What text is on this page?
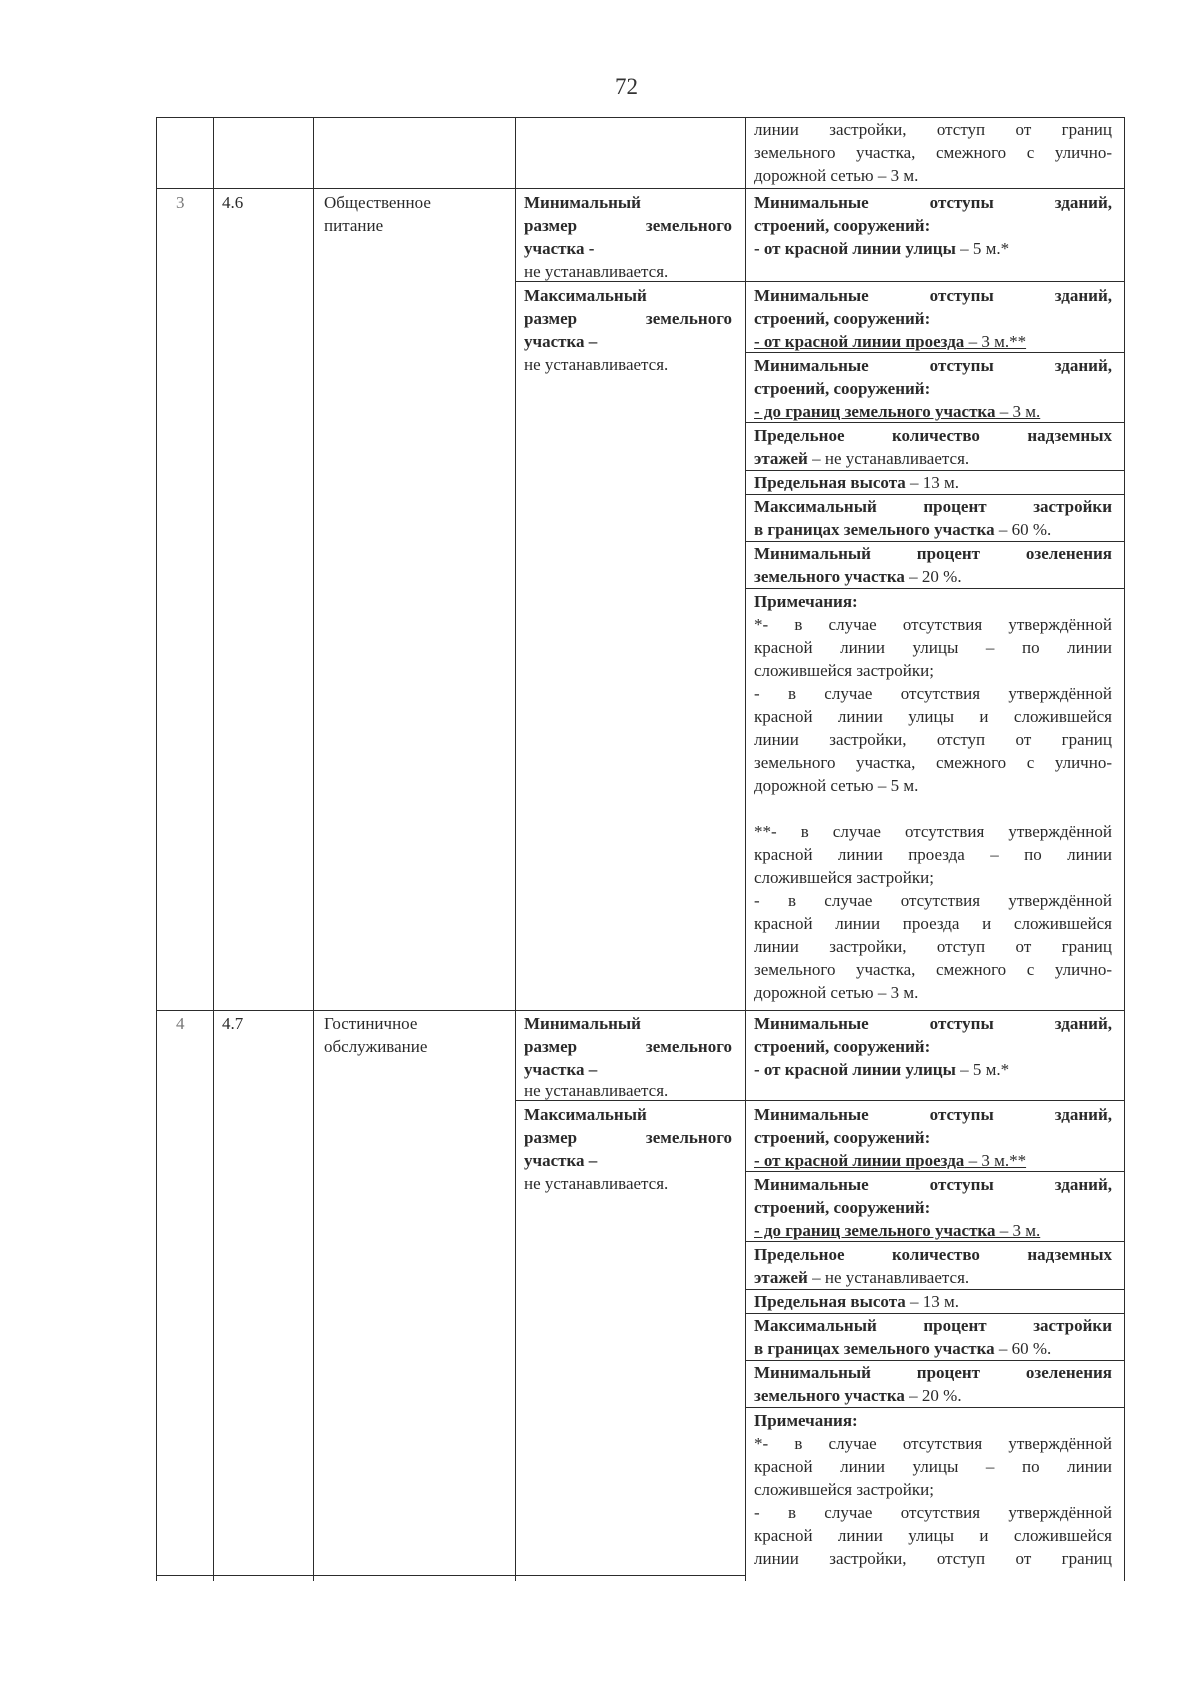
72
линии застройки, отступ от границ
земельного участка, смежного с улично-
дорожной сетью – 3 м.
3 4.6	Общественное
питание
Минимальный
размер земельного
участка -
не устанавливается.
Максимальный
размер земельного
участка –
не устанавливается.
Минимальные отступы зданий,
строений, сооружений:
- от красной линии улицы – 5 м.*
Минимальные отступы зданий,
строений, сооружений:
- от красной линии проезда – 3 м.**
Минимальные отступы зданий,
строений, сооружений:
- до границ земельного участка – 3 м.
Предельное количество надземных
этажей – не устанавливается.
Предельная высота – 13 м.
Максимальный процент застройки
в границах земельного участка – 60 %.
Минимальный процент озеленения
земельного участка – 20 %.
Примечания:
*- в случае отсутствия утверждённой
красной линии улицы – по линии
сложившейся застройки;
- в случае отсутствия утверждённой
красной линии улицы и сложившейся
линии застройки, отступ от границ
земельного участка, смежного с улично-
дорожной сетью – 5 м.
**- в случае отсутствия утверждённой
красной линии проезда – по линии
сложившейся застройки;
- в случае отсутствия утверждённой
красной линии проезда и сложившейся
линии застройки, отступ от границ
земельного участка, смежного с улично-
дорожной сетью – 3 м.
4 4.7	Гостиничное
обслуживание
Минимальный
размер земельного
участка –
не устанавливается.
Максимальный
размер земельного
участка –
не устанавливается.
Минимальные отступы зданий,
строений, сооружений:
- от красной линии улицы – 5 м.*
Минимальные отступы зданий,
строений, сооружений:
- от красной линии проезда – 3 м.**
Минимальные отступы зданий,
строений, сооружений:
- до границ земельного участка – 3 м.
Предельное количество надземных
этажей – не устанавливается.
Предельная высота – 13 м.
Максимальный процент застройки
в границах земельного участка – 60 %.
Минимальный процент озеленения
земельного участка – 20 %.
Примечания:
*- в случае отсутствия утверждённой
красной линии улицы – по линии
сложившейся застройки;
- в случае отсутствия утверждённой
красной линии улицы и сложившейся
линии застройки, отступ от границ
